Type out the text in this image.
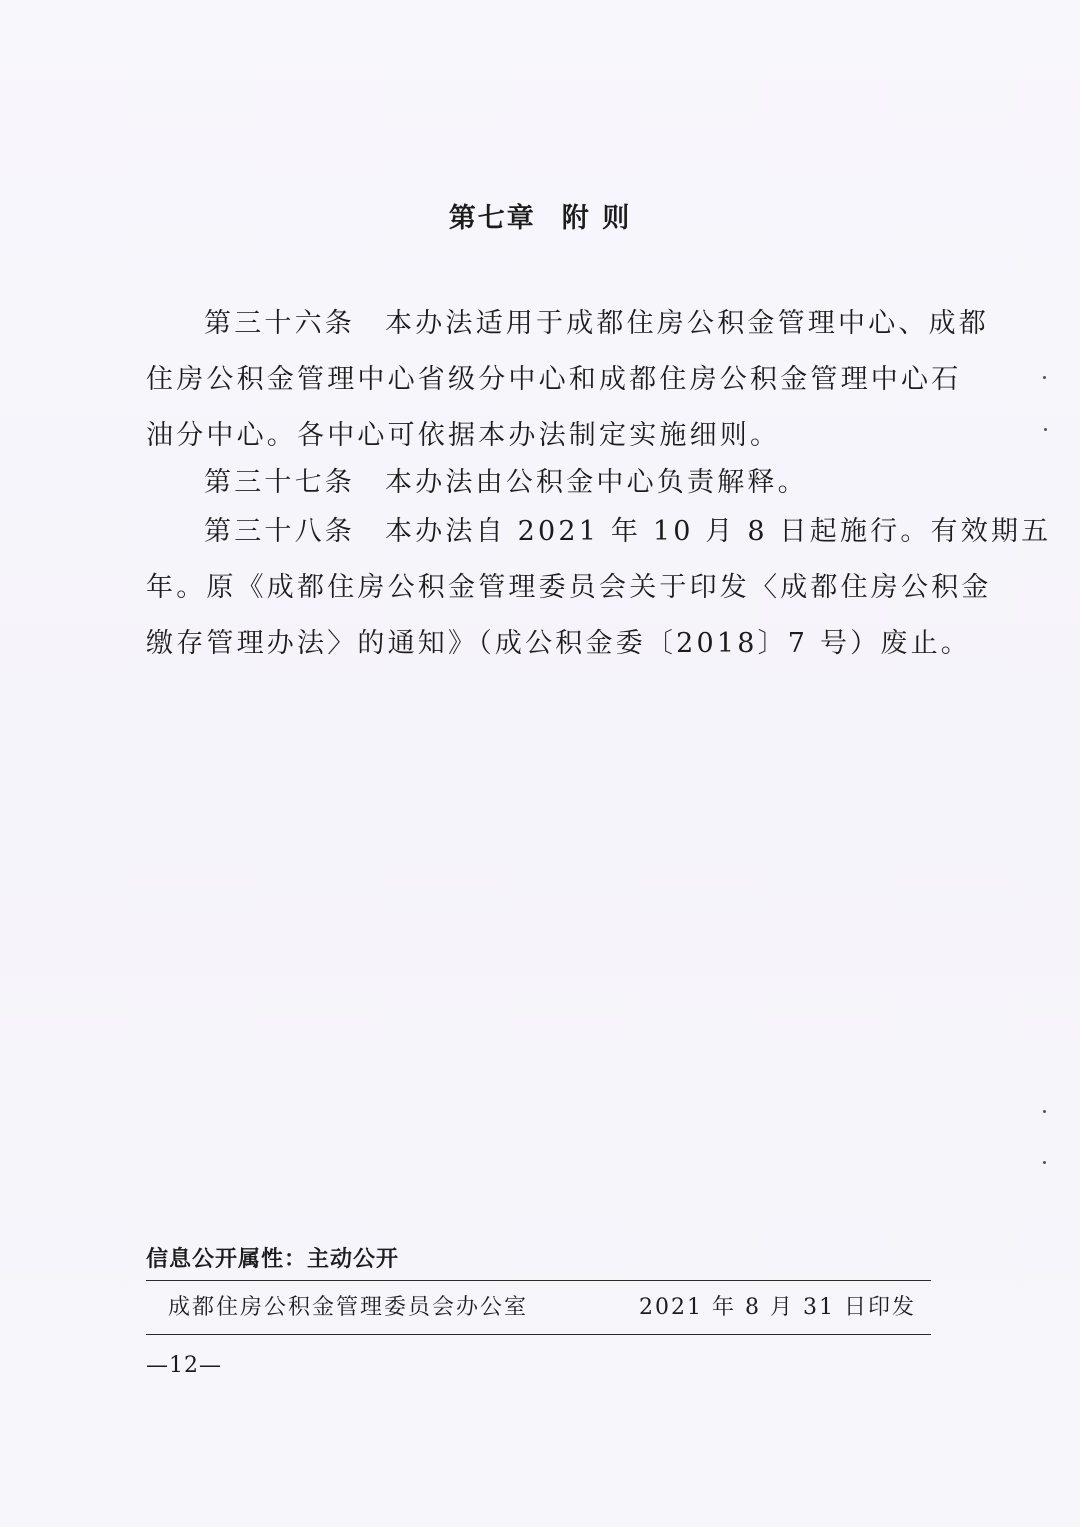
第七章 附 则
第三十六条 本办法适用于成都住房公积金管理中心、成都
住房公积金管理中心省级分中心和成都住房公积金管理中心石
油分中心。各中心可依据本办法制定实施细则。
第三十七条 本办法由公积金中心负责解释。
第三十八条 本办法自 2021 年 10 月 8 日起施行。有效期五
年。原《成都住房公积金管理委员会关于印发〈成都住房公积金
缴存管理办法〉的通知》（成公积金委〔2018〕7 号）废止。
信息公开属性：主动公开
成都住房公积金管理委员会办公室	2021 年 8 月 31 日印发
—12—
